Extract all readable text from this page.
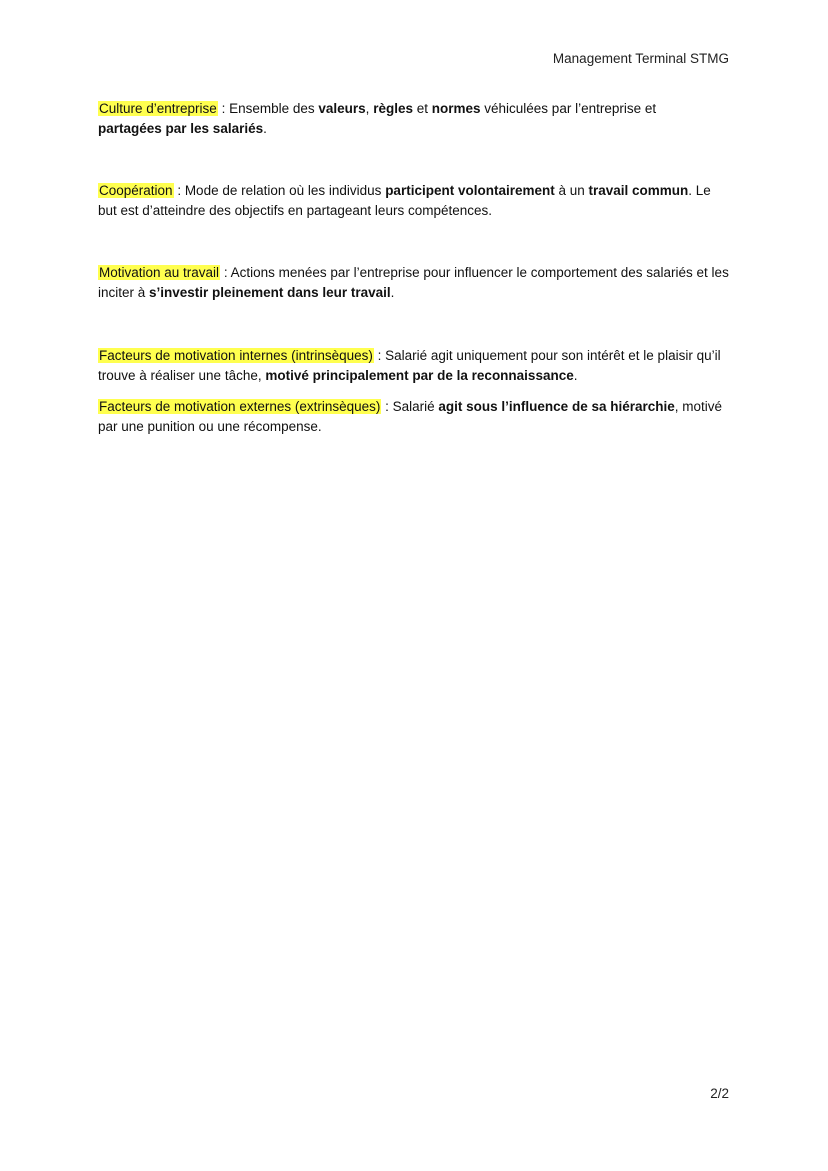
Management Terminal STMG

Culture d’entreprise : Ensemble des valeurs, règles et normes véhiculées par l’entreprise et
partagées par les salariés.

Coopération : Mode de relation où les individus participent volontairement à un travail commun. Le but est d’atteindre des objectifs en partageant leurs compétences.

Motivation au travail : Actions menées par l’entreprise pour influencer le comportement des salariés et les inciter à s’investir pleinement dans leur travail.

Facteurs de motivation internes (intrinsèques) : Salarié agit uniquement pour son intérêt et le plaisir qu’il trouve à réaliser une tâche, motivé principalement par de la reconnaissance.

Facteurs de motivation externes (extrinsèques) : Salarié agit sous l’influence de sa hiérarchie, motivé par une punition ou une récompense.

2/2
